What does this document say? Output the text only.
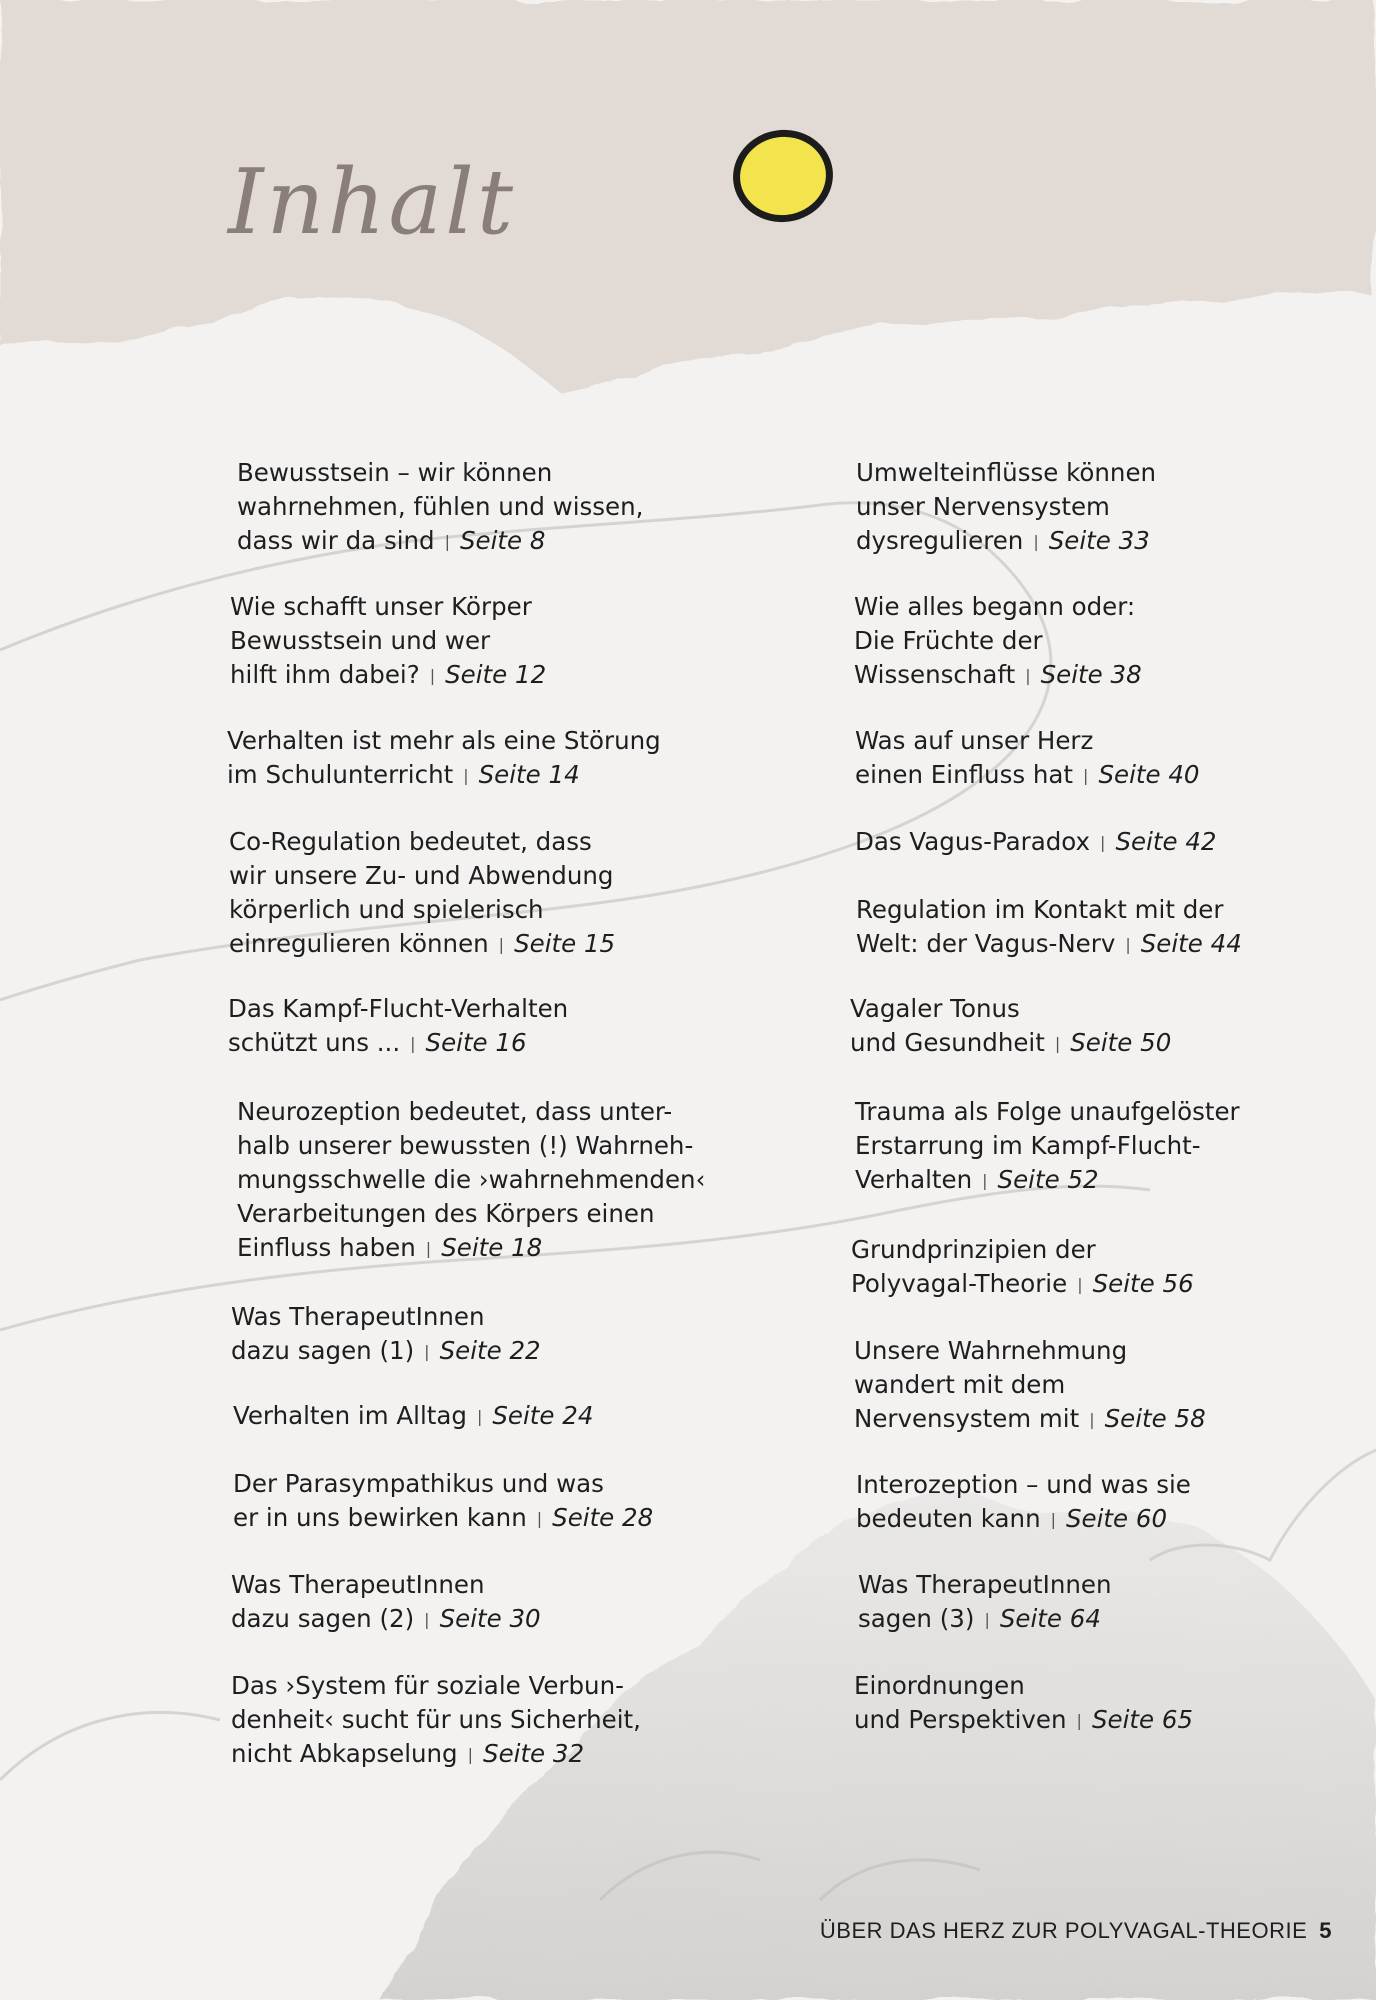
Inhalt
Bewusstsein – wir können
wahrnehmen, fühlen und wissen,
dass wir da sind | Seite 8
Wie schafft unser Körper
Bewusstsein und wer
hilft ihm dabei? | Seite 12
Verhalten ist mehr als eine Störung
im Schulunterricht | Seite 14
Co-Regulation bedeutet, dass
wir unsere Zu- und Abwendung
körperlich und spielerisch
einregulieren können | Seite 15
Das Kampf-Flucht-Verhalten
schützt uns ... | Seite 16
Neurozeption bedeutet, dass unter-
halb unserer bewussten (!) Wahrneh-
mungsschwelle die ›wahrnehmenden‹
Verarbeitungen des Körpers einen
Einfluss haben | Seite 18
Was TherapeutInnen
dazu sagen (1) | Seite 22
Verhalten im Alltag | Seite 24
Der Parasympathikus und was
er in uns bewirken kann | Seite 28
Was TherapeutInnen
dazu sagen (2) | Seite 30
Das ›System für soziale Verbun-
denheit‹ sucht für uns Sicherheit,
nicht Abkapselung | Seite 32
Umwelteinflüsse können
unser Nervensystem
dysregulieren | Seite 33
Wie alles begann oder:
Die Früchte der
Wissenschaft | Seite 38
Was auf unser Herz
einen Einfluss hat | Seite 40
Das Vagus-Paradox | Seite 42
Regulation im Kontakt mit der
Welt: der Vagus-Nerv | Seite 44
Vagaler Tonus
und Gesundheit | Seite 50
Trauma als Folge unaufgelöster
Erstarrung im Kampf-Flucht-
Verhalten | Seite 52
Grundprinzipien der
Polyvagal-Theorie | Seite 56
Unsere Wahrnehmung
wandert mit dem
Nervensystem mit | Seite 58
Interozeption – und was sie
bedeuten kann | Seite 60
Was TherapeutInnen
sagen (3) | Seite 64
Einordnungen
und Perspektiven | Seite 65
ÜBER DAS HERZ ZUR POLYVAGAL-THEORIE 5
